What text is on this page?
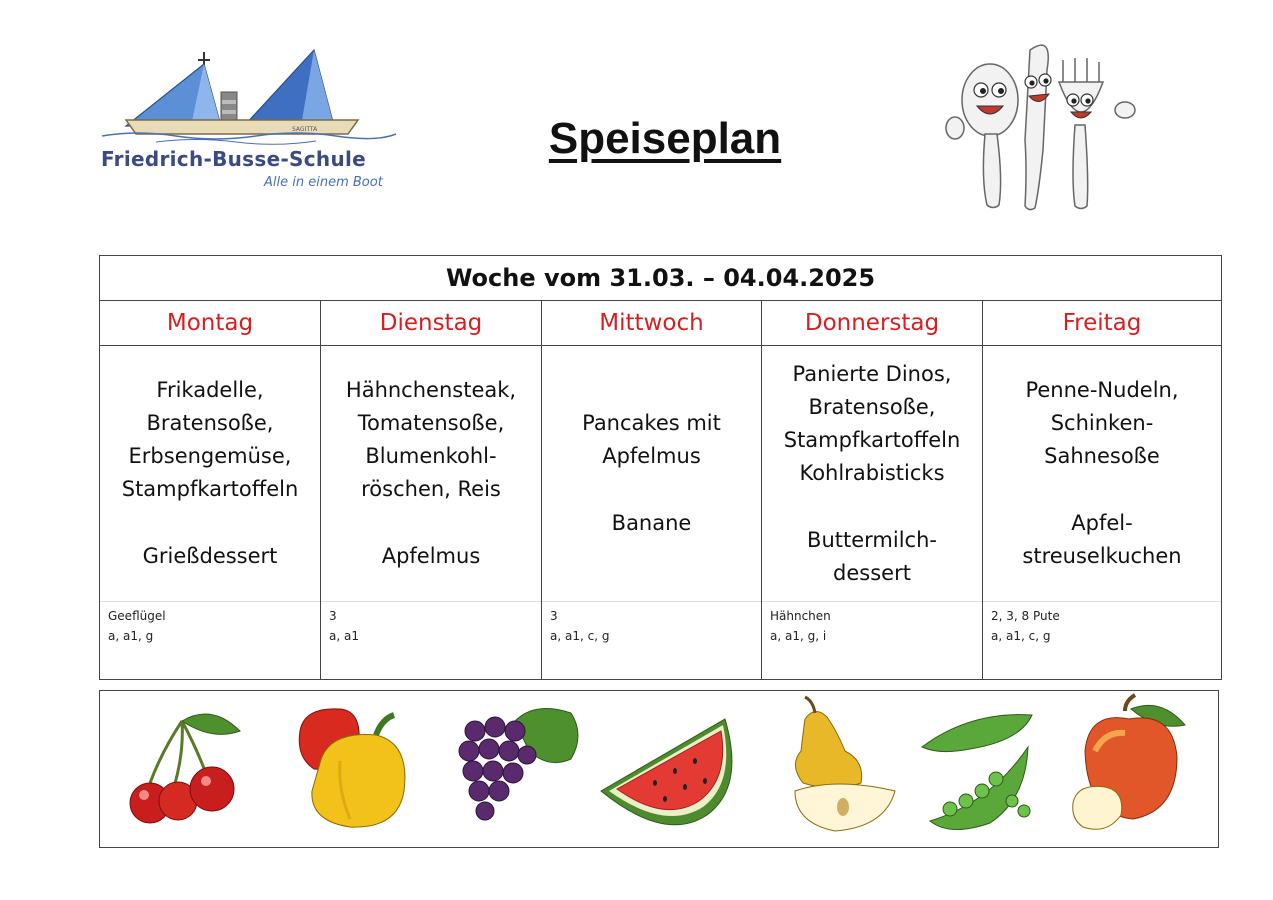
SAGITTA
Friedrich-Busse-Schule
Alle in einem Boot
Speiseplan
Woche vom 31.03. – 04.04.2025
Montag
Frikadelle,
Bratensoße,
Erbsengemüse,
Stampfkartoffeln
Grießdessert
Geeflügel
a, a1, g
Dienstag
Hähnchensteak,
Tomatensoße,
Blumenkohl-
röschen, Reis
Apfelmus
3
a, a1
Mittwoch
Pancakes mit
Apfelmus
Banane
3
a, a1, c, g
Donnerstag
Panierte Dinos,
Bratensoße,
Stampfkartoffeln
Kohlrabisticks
Buttermilch-
dessert
Hähnchen
a, a1, g, i
Freitag
Penne-Nudeln,
Schinken-
Sahnesoße
Apfel-
streuselkuchen
2, 3, 8 Pute
a, a1, c, g
